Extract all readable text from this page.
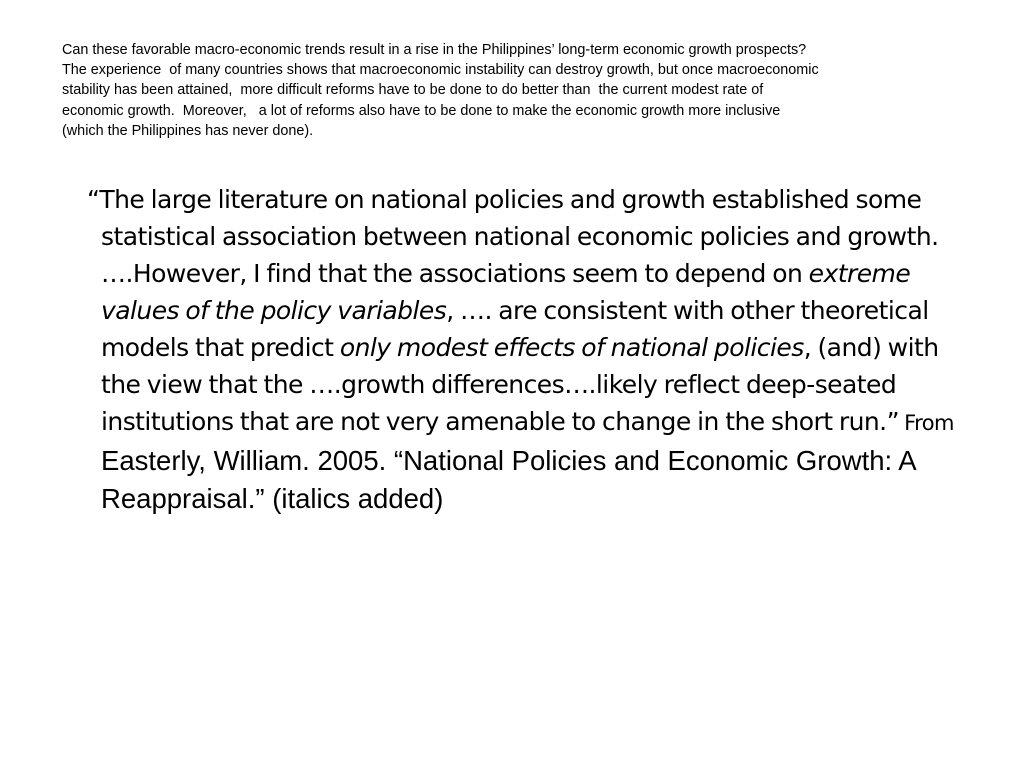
Can these favorable macro-economic trends result in a rise in the Philippines’ long-term economic growth prospects?
The experience  of many countries shows that macroeconomic instability can destroy growth, but once macroeconomic
stability has been attained,  more difficult reforms have to be done to do better than  the current modest rate of
economic growth.  Moreover,   a lot of reforms also have to be done to make the economic growth more inclusive
(which the Philippines has never done).
“The large literature on national policies and growth established some statistical association between national economic policies and growth. ….However, I find that the associations seem to depend on extreme values of the policy variables, …. are consistent with other theoretical models that predict only modest effects of national policies, (and) with the view that the ….growth differences….likely reflect deep-seated institutions that are not very amenable to change in the short run.” From Easterly, William. 2005. “National Policies and Economic Growth: A Reappraisal.” (italics added)
